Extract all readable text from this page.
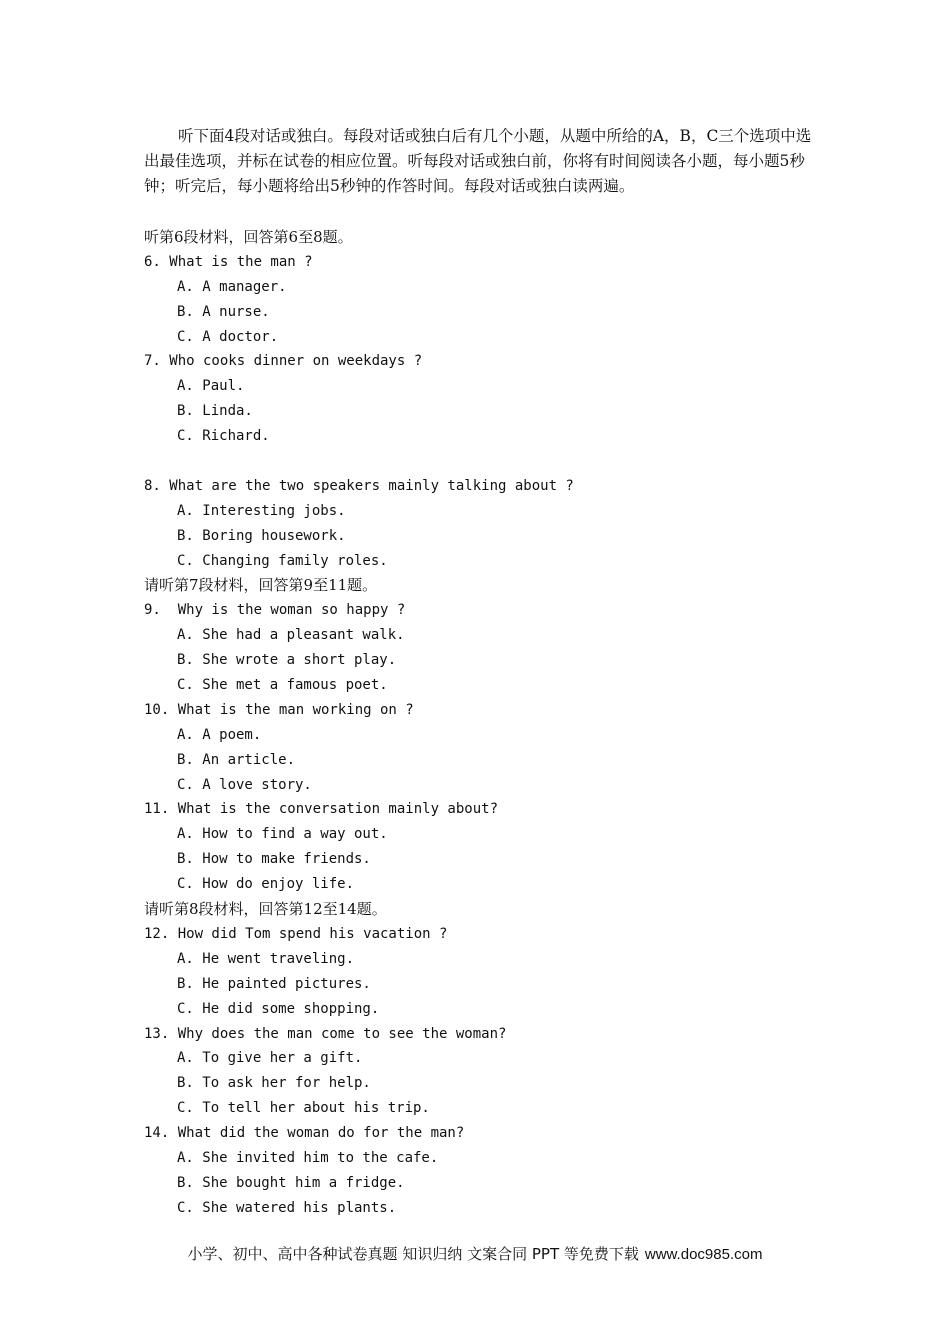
听下面4段对话或独白。每段对话或独白后有几个小题，从题中所给的A，B，C三个选项中选出最佳选项，并标在试卷的相应位置。听每段对话或独白前，你将有时间阅读各小题，每小题5秒钟；听完后，每小题将给出5秒钟的作答时间。每段对话或独白读两遍。

听第6段材料，回答第6至8题。
6. What is the man ?
A. A manager.
B. A nurse.
C. A doctor.
7. Who cooks dinner on weekdays ?
A. Paul.
B. Linda.
C. Richard.
8. What are the two speakers mainly talking about ?
A. Interesting jobs.
B. Boring housework.
C. Changing family roles.
请听第7段材料，回答第9至11题。
9.  Why is the woman so happy ?
A. She had a pleasant walk.
B. She wrote a short play.
C. She met a famous poet.
10. What is the man working on ?
A. A poem.
B. An article.
C. A love story.
11. What is the conversation mainly about?
A. How to find a way out.
B. How to make friends.
C. How do enjoy life.
请听第8段材料，回答第12至14题。
12. How did Tom spend his vacation ?
A. He went traveling.
B. He painted pictures.
C. He did some shopping.
13. Why does the man come to see the woman?
A. To give her a gift.
B. To ask her for help.
C. To tell her about his trip.
14. What did the woman do for the man?
A. She invited him to the cafe.
B. She bought him a fridge.
C. She watered his plants.
小学、初中、高中各种试卷真题 知识归纳 文案合同 PPT 等免费下载 www.doc985.com
